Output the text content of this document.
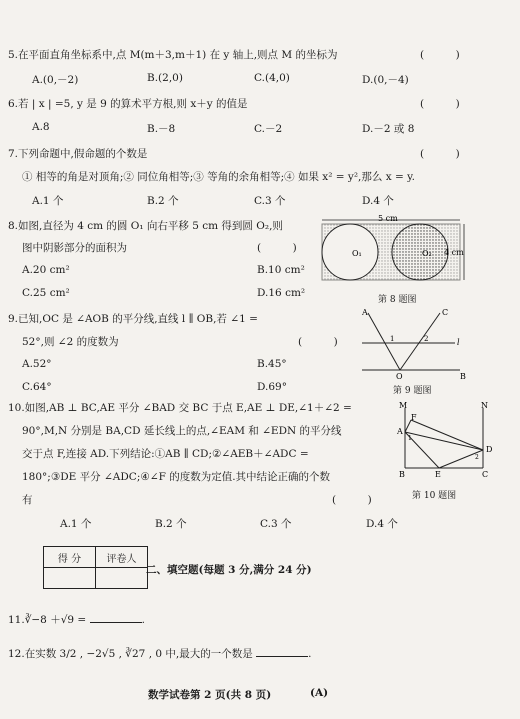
5.在平面直角坐标系中,点 M(m＋3,m＋1) 在 y 轴上,则点 M 的坐标为	(　　　)
A.(0,－2)	B.(2,0)	C.(4,0)	D.(0,－4)
6.若 | x | =5, y 是 9 的算术平方根,则 x＋y 的值是	(　　　)
A.8	B.－8	C.－2	D.－2 或 8
7.下列命题中,假命题的个数是	(　　　)
① 相等的角是对顶角;② 同位角相等;③ 等角的余角相等;④ 如果 x² = y²,那么 x = y.
A.1 个	B.2 个	C.3 个	D.4 个
8.如图,直径为 4 cm 的圆 O₁ 向右平移 5 cm 得到圆 O₂,则
图中阴影部分的面积为	(　　　)
A.20 cm²	B.10 cm²
C.25 cm²	D.16 cm²
5 cm
4 cm
O₁	O₂
第 8 题图
9.已知,OC 是 ∠AOB 的平分线,直线 l ∥ OB,若 ∠1 =
52°,则 ∠2 的度数为	(　　　)
A.52°	B.45°
C.64°	D.69°
A	C
l
O	B
1	2
第 9 题图
10.如图,AB ⊥ BC,AE 平分 ∠BAD 交 BC 于点 E,AE ⊥ DE,∠1＋∠2 =
90°,M,N 分别是 BA,CD 延长线上的点,∠EAM 和 ∠EDN 的平分线
交于点 F,连接 AD.下列结论:①AB ∥ CD;②∠AEB＋∠ADC =
180°;③DE 平分 ∠ADC;④∠F 的度数为定值.其中结论正确的个数
有	(　　　)
A.1 个	B.2 个	C.3 个	D.4 个
M	N
F
A
D
B	E	C
1
2
第 10 题图
得 分	评卷人

二、填空题(每题 3 分,满分 24 分)
11.∛−8 ＋√9 =	.
12.在实数 3/2 , −2√5 , ∛27 , 0 中,最大的一个数是	.
数学试卷第 2 页(共 8 页)	(A)
